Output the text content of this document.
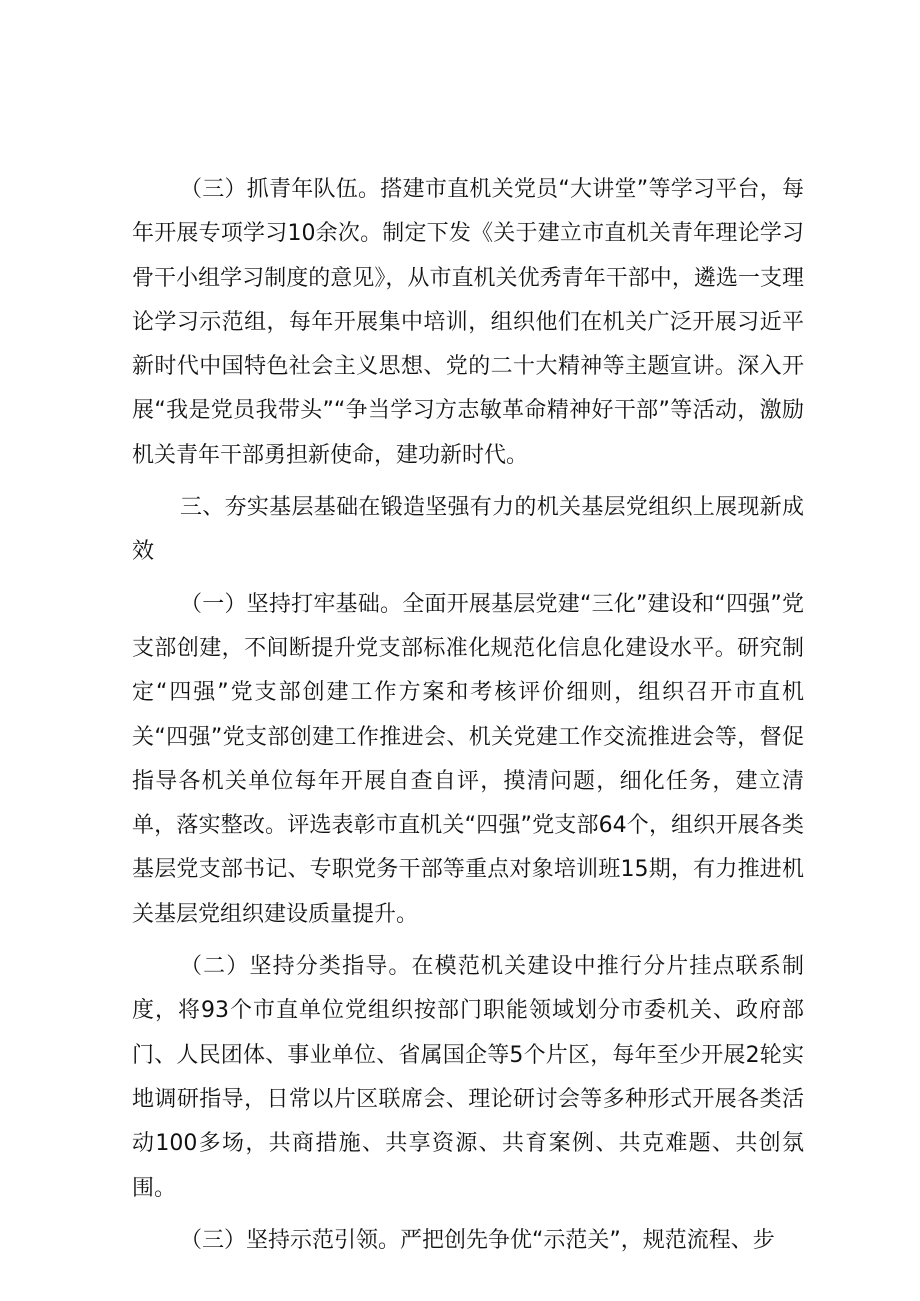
（三）抓青年队伍。搭建市直机关党员“大讲堂”等学习平台，每年开展专项学习10余次。制定下发《关于建立市直机关青年理论学习骨干小组学习制度的意见》，从市直机关优秀青年干部中，遴选一支理论学习示范组，每年开展集中培训，组织他们在机关广泛开展习近平新时代中国特色社会主义思想、党的二十大精神等主题宣讲。深入开展“我是党员我带头”“争当学习方志敏革命精神好干部”等活动，激励机关青年干部勇担新使命，建功新时代。

三、夯实基层基础在锻造坚强有力的机关基层党组织上展现新成效

（一）坚持打牢基础。全面开展基层党建“三化”建设和“四强”党支部创建，不间断提升党支部标准化规范化信息化建设水平。研究制定“四强”党支部创建工作方案和考核评价细则，组织召开市直机关“四强”党支部创建工作推进会、机关党建工作交流推进会等，督促指导各机关单位每年开展自查自评，摸清问题，细化任务，建立清单，落实整改。评选表彰市直机关“四强”党支部64个，组织开展各类基层党支部书记、专职党务干部等重点对象培训班15期，有力推进机关基层党组织建设质量提升。

（二）坚持分类指导。在模范机关建设中推行分片挂点联系制度，将93个市直单位党组织按部门职能领域划分市委机关、政府部门、人民团体、事业单位、省属国企等5个片区，每年至少开展2轮实地调研指导，日常以片区联席会、理论研讨会等多种形式开展各类活动100多场，共商措施、共享资源、共育案例、共克难题、共创氛围。

（三）坚持示范引领。严把创先争优“示范关”，规范流程、步
